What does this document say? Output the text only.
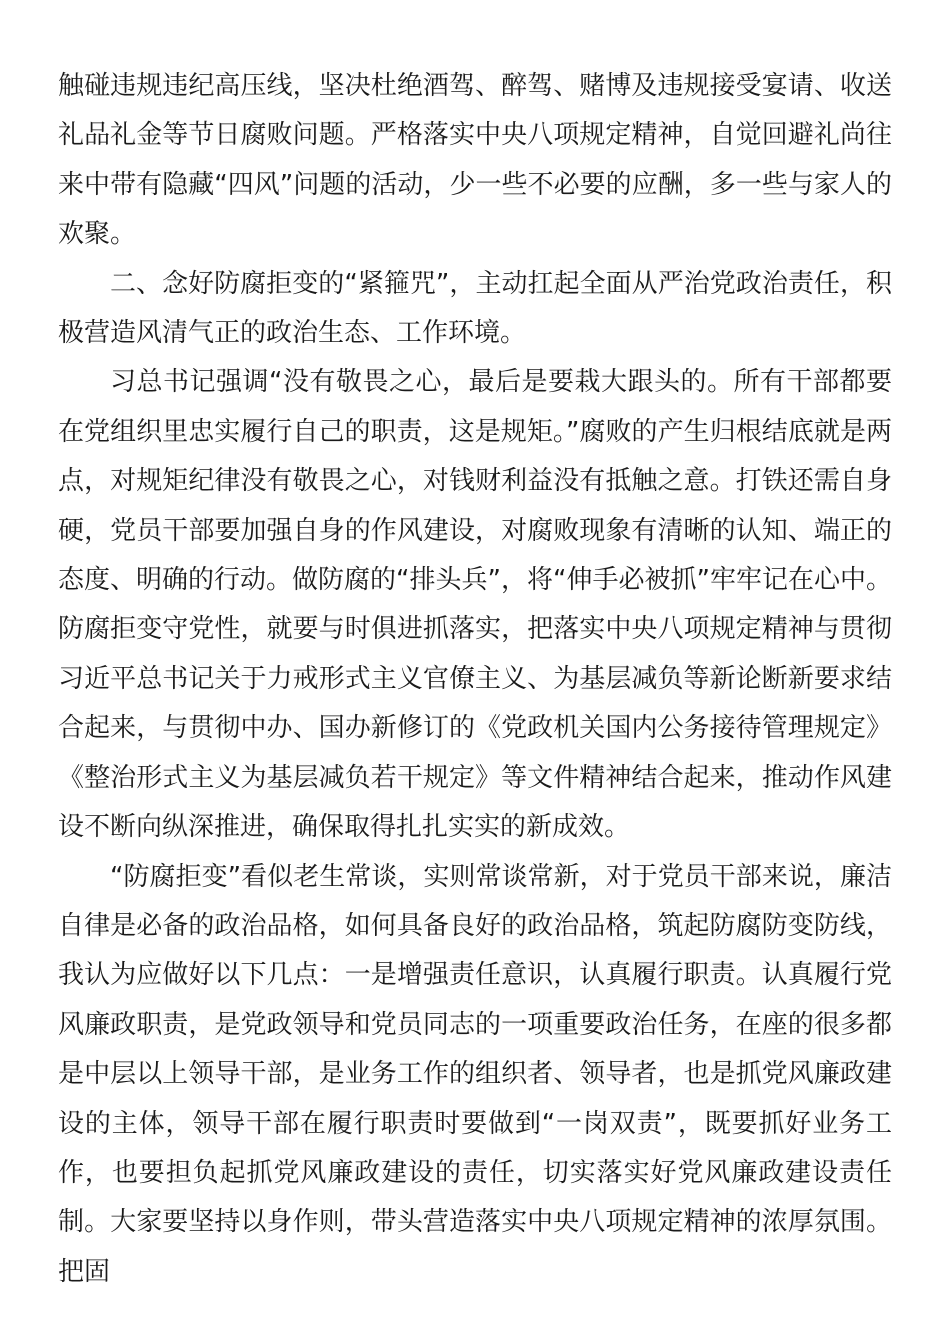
触碰违规违纪高压线，坚决杜绝酒驾、醉驾、赌博及违规接受宴请、收送礼品礼金等节日腐败问题。严格落实中央八项规定精神，自觉回避礼尚往来中带有隐藏“四风”问题的活动，少一些不必要的应酬，多一些与家人的欢聚。

二、念好防腐拒变的“紧箍咒”，主动扛起全面从严治党政治责任，积极营造风清气正的政治生态、工作环境。

习总书记强调“没有敬畏之心，最后是要栽大跟头的。所有干部都要在党组织里忠实履行自己的职责，这是规矩。”腐败的产生归根结底就是两点，对规矩纪律没有敬畏之心，对钱财利益没有抵触之意。打铁还需自身硬，党员干部要加强自身的作风建设，对腐败现象有清晰的认知、端正的态度、明确的行动。做防腐的“排头兵”，将“伸手必被抓”牢牢记在心中。防腐拒变守党性，就要与时俱进抓落实，把落实中央八项规定精神与贯彻习近平总书记关于力戒形式主义官僚主义、为基层减负等新论断新要求结合起来，与贯彻中办、国办新修订的《党政机关国内公务接待管理规定》《整治形式主义为基层减负若干规定》等文件精神结合起来，推动作风建设不断向纵深推进，确保取得扎扎实实的新成效。

“防腐拒变”看似老生常谈，实则常谈常新，对于党员干部来说，廉洁自律是必备的政治品格，如何具备良好的政治品格，筑起防腐防变防线，我认为应做好以下几点：一是增强责任意识，认真履行职责。认真履行党风廉政职责，是党政领导和党员同志的一项重要政治任务，在座的很多都是中层以上领导干部，是业务工作的组织者、领导者，也是抓党风廉政建设的主体，领导干部在履行职责时要做到“一岗双责”，既要抓好业务工作，也要担负起抓党风廉政建设的责任，切实落实好党风廉政建设责任制。大家要坚持以身作则，带头营造落实中央八项规定精神的浓厚氛围。把固
